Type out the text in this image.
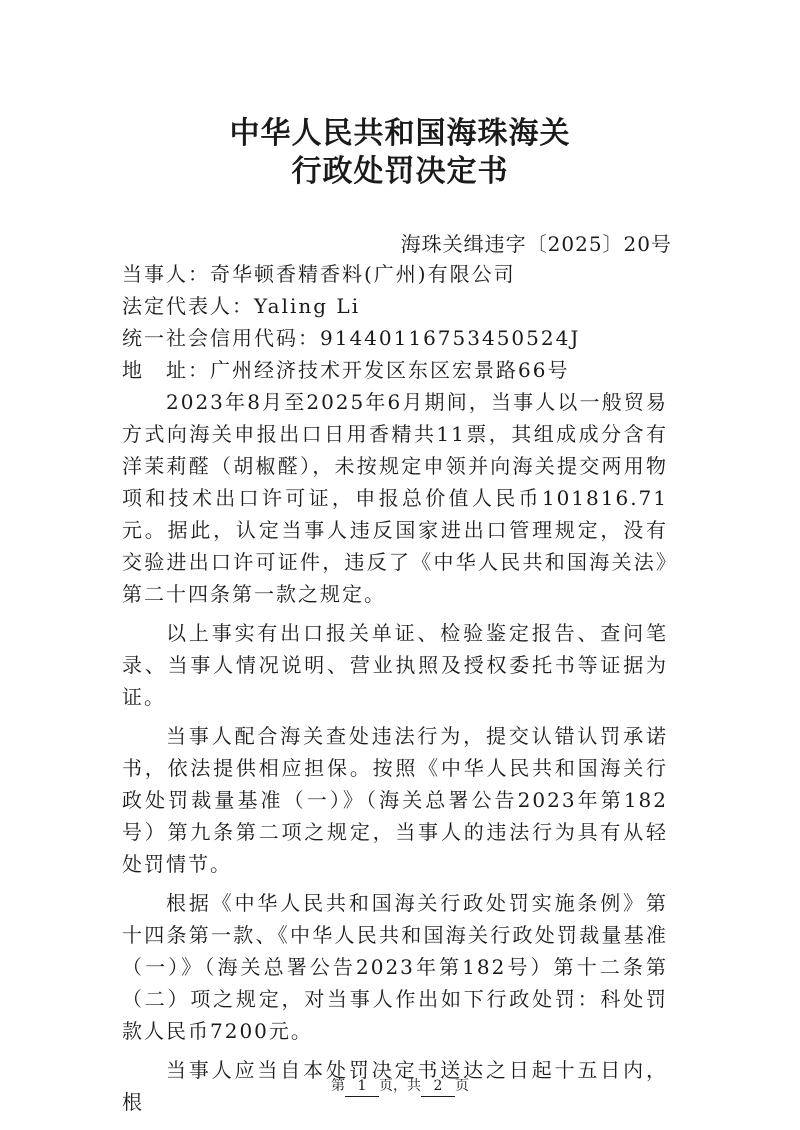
中华人民共和国海珠海关
行政处罚决定书
海珠关缉违字〔2025〕20号

当事人：奇华顿香精香料(广州)有限公司

法定代表人：Yaling Li

统一社会信用代码：91440116753450524J

地　址：广州经济技术开发区东区宏景路66号

2023年8月至2025年6月期间，当事人以一般贸易方式向海关申报出口日用香精共11票，其组成成分含有洋茉莉醛（胡椒醛），未按规定申领并向海关提交两用物项和技术出口许可证，申报总价值人民币101816.71元。据此，认定当事人违反国家进出口管理规定，没有交验进出口许可证件，违反了《中华人民共和国海关法》第二十四条第一款之规定。

以上事实有出口报关单证、检验鉴定报告、查问笔录、当事人情况说明、营业执照及授权委托书等证据为证。

当事人配合海关查处违法行为，提交认错认罚承诺书，依法提供相应担保。按照《中华人民共和国海关行政处罚裁量基准（一）》（海关总署公告2023年第182号）第九条第二项之规定，当事人的违法行为具有从轻处罚情节。

根据《中华人民共和国海关行政处罚实施条例》第十四条第一款、《中华人民共和国海关行政处罚裁量基准（一）》（海关总署公告2023年第182号）第十二条第（二）项之规定，对当事人作出如下行政处罚：科处罚款人民币7200元。

当事人应当自本处罚决定书送达之日起十五日内，根

第 1 页，共 2 页
